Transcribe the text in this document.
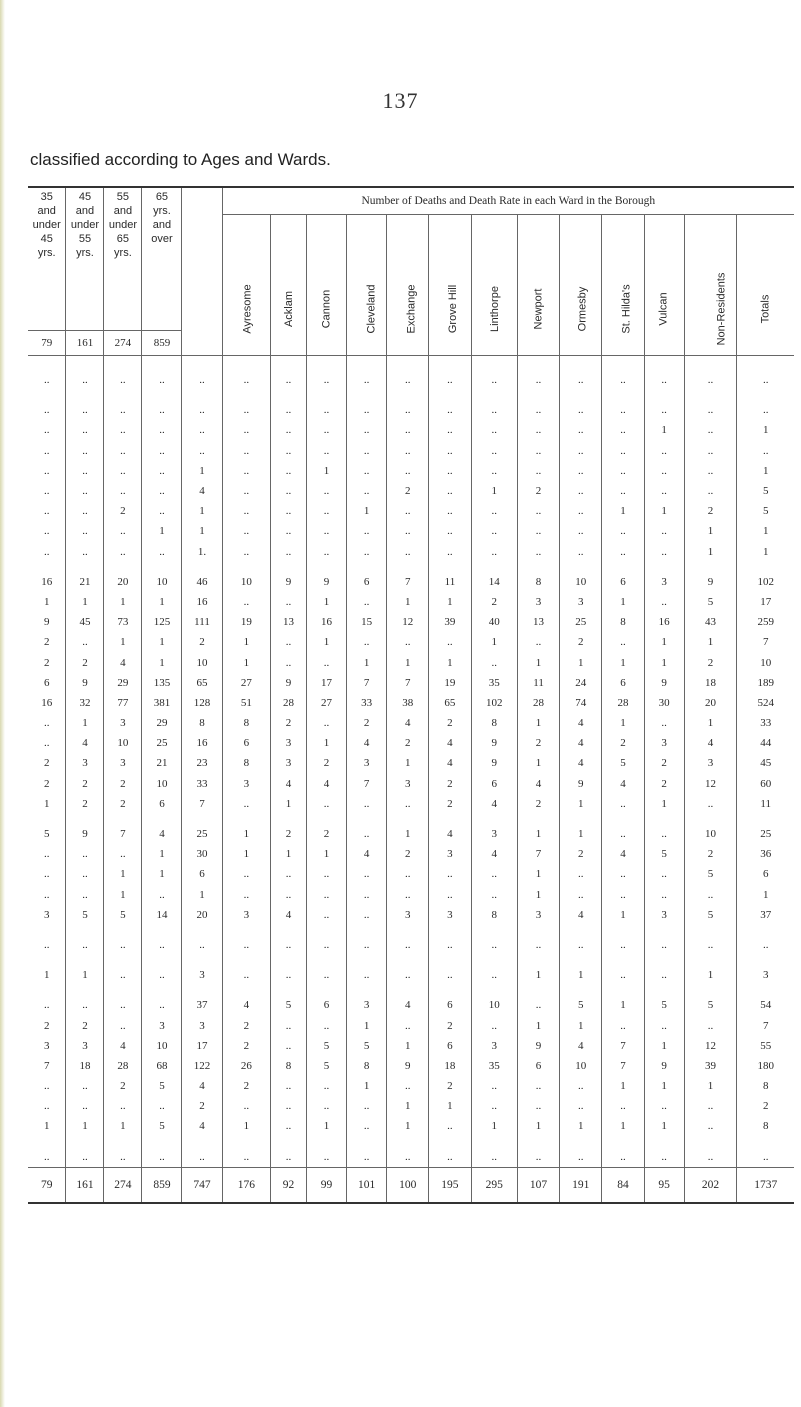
137
classified according to Ages and Wards.

35
and
under
45
yrs.	45
and
under
55
yrs.	55
and
under
65
yrs.	65
yrs.
and
over		Number of Deaths and Death Rate in each Ward in the Borough												
					Ayresome	Acklam	Cannon	Cleveland	Exchange	Grove Hill	Linthorpe	Newport	Ormesby	St. Hilda's	Vulcan	Non-Residents	Totals
79	161	274	859														

..	..	..	..	..	..	..	..	..	..	..	..	..	..	..	..	..	..

..	..	..	..	..	..	..	..	..	..	..	..	..	..	..	..	..	..
..	..	..	..	..	..	..	..	..	..	..	..	..	..	..	1	..	1
..	..	..	..	..	..	..	..	..	..	..	..	..	..	..	..	..	..
..	..	..	..	1	..	..	1	..	..	..	..	..	..	..	..	..	1
..	..	..	..	4	..	..	..	..	2	..	1	2	..	..	..	..	5
..	..	2	..	1	..	..	..	1	..	..	..	..	..	1	1	2	5
..	..	..	1	1	..	..	..	..	..	..	..	..	..	..	..	1	1
..	..	..	..	1.	..	..	..	..	..	..	..	..	..	..	..	1	1

16	21	20	10	46	10	9	9	6	7	11	14	8	10	6	3	9	102
1	1	1	1	16	..	..	1	..	1	1	2	3	3	1	..	5	17
9	45	73	125	111	19	13	16	15	12	39	40	13	25	8	16	43	259
2	..	1	1	2	1	..	1	..	..	..	1	..	2	..	1	1	7
2	2	4	1	10	1	..	..	1	1	1	..	1	1	1	1	2	10
6	9	29	135	65	27	9	17	7	7	19	35	11	24	6	9	18	189
16	32	77	381	128	51	28	27	33	38	65	102	28	74	28	30	20	524
..	1	3	29	8	8	2	..	2	4	2	8	1	4	1	..	1	33
..	4	10	25	16	6	3	1	4	2	4	9	2	4	2	3	4	44
2	3	3	21	23	8	3	2	3	1	4	9	1	4	5	2	3	45
2	2	2	10	33	3	4	4	7	3	2	6	4	9	4	2	12	60
1	2	2	6	7	..	1	..	..	..	2	4	2	1	..	1	..	11

5	9	7	4	25	1	2	2	..	1	4	3	1	1	..	..	10	25
..	..	..	1	30	1	1	1	4	2	3	4	7	2	4	5	2	36
..	..	1	1	6	..	..	..	..	..	..	..	1	..	..	..	5	6
..	..	1	..	1	..	..	..	..	..	..	..	1	..	..	..	..	1
3	5	5	14	20	3	4	..	..	3	3	8	3	4	1	3	5	37

..	..	..	..	..	..	..	..	..	..	..	..	..	..	..	..	..	..

1	1	..	..	3	..	..	..	..	..	..	..	1	1	..	..	1	3

..	..	..	..	37	4	5	6	3	4	6	10	..	5	1	5	5	54
2	2	..	3	3	2	..	..	1	..	2	..	1	1	..	..	..	7
3	3	4	10	17	2	..	5	5	1	6	3	9	4	7	1	12	55
7	18	28	68	122	26	8	5	8	9	18	35	6	10	7	9	39	180
..	..	2	5	4	2	..	..	1	..	2	..	..	..	1	1	1	8
..	..	..	..	2	..	..	..	..	1	1	..	..	..	..	..	..	2
1	1	1	5	4	1	..	1	..	1	..	1	1	1	1	1	..	8

..	..	..	..	..	..	..	..	..	..	..	..	..	..	..	..	..	..
79	161	274	859	747	176	92	99	101	100	195	295	107	191	84	95	202	1737
